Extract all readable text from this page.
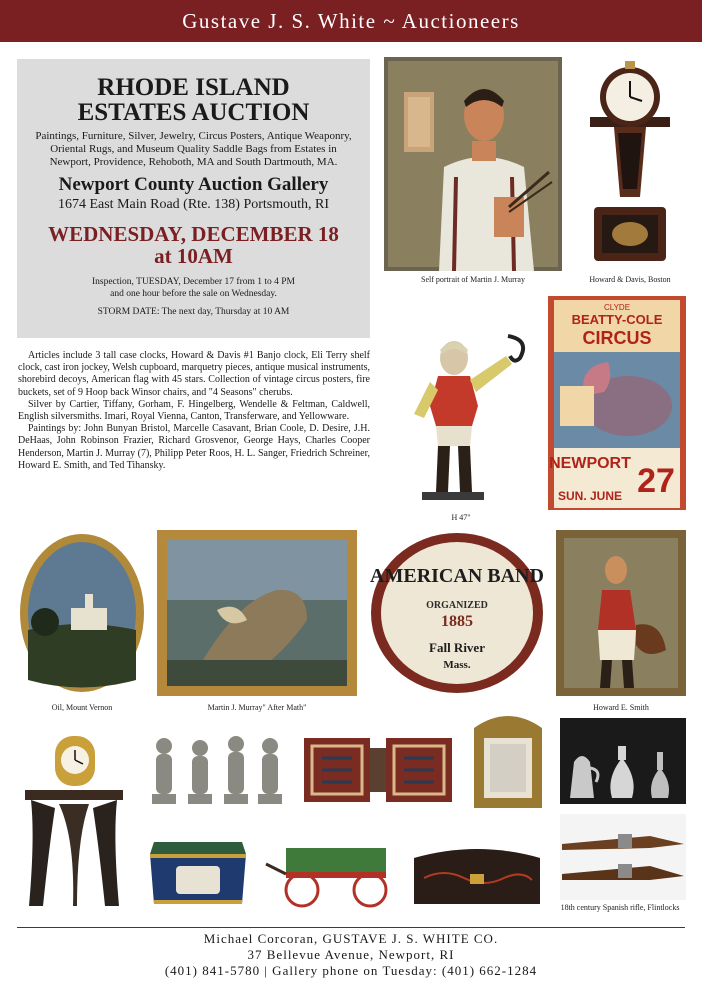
Gustave J. S. White ~ Auctioneers
RHODE ISLAND
ESTATES AUCTION
Paintings, Furniture, Silver, Jewelry, Circus Posters, Antique Weaponry, Oriental Rugs, and Museum Quality Saddle Bags from Estates in Newport, Providence, Rehoboth, MA and South Dartmouth, MA.
Newport County Auction Gallery
1674 East Main Road (Rte. 138) Portsmouth, RI
WEDNESDAY, DECEMBER 18
at 10AM
Inspection, TUESDAY, December 17 from 1 to 4 PM
and one hour before the sale on Wednesday.
STORM DATE: The next day, Thursday at 10 AM

Articles include 3 tall case clocks, Howard & Davis #1 Banjo clock, Eli Terry shelf clock, cast iron jockey, Welsh cupboard, marquetry pieces, antique musical instruments, shorebird decoys, American flag with 45 stars. Collection of vintage circus posters, fire buckets, set of 9 Hoop back Winsor chairs, and "4 Seasons" cherubs.

Silver by Cartier, Tiffany, Gorham, F. Hingelberg, Wendelle & Feltman, Caldwell, English silversmiths. Imari, Royal Vienna, Canton, Transferware, and Yellowware.

Paintings by: John Bunyan Bristol, Marcelle Casavant, Brian Coole, D. Desire, J.H. DeHaas, John Robinson Frazier, Richard Grosvenor, George Hays, Charles Cooper Henderson, Martin J. Murray (7), Philipp Peter Roos, H. L. Sanger, Friedrich Schreiner, Howard E. Smith, and Ted Tihansky.

Self portrait of Martin J. Murray	Howard & Davis, Boston
H 47"
CLYDE
BEATTY-COLE
CIRCUS
NEWPORT
SUN. JUNE 27
Oil, Mount Vernon	Martin J. Murray" After Math"
AMERICAN BAND
ORGANIZED
1885
Fall River
Mass.
Howard E. Smith
18th century Spanish rifle, Flintlocks
Michael Corcoran, GUSTAVE J. S. WHITE CO.
37 Bellevue Avenue, Newport, RI
(401) 841-5780 | Gallery phone on Tuesday: (401) 662-1284
